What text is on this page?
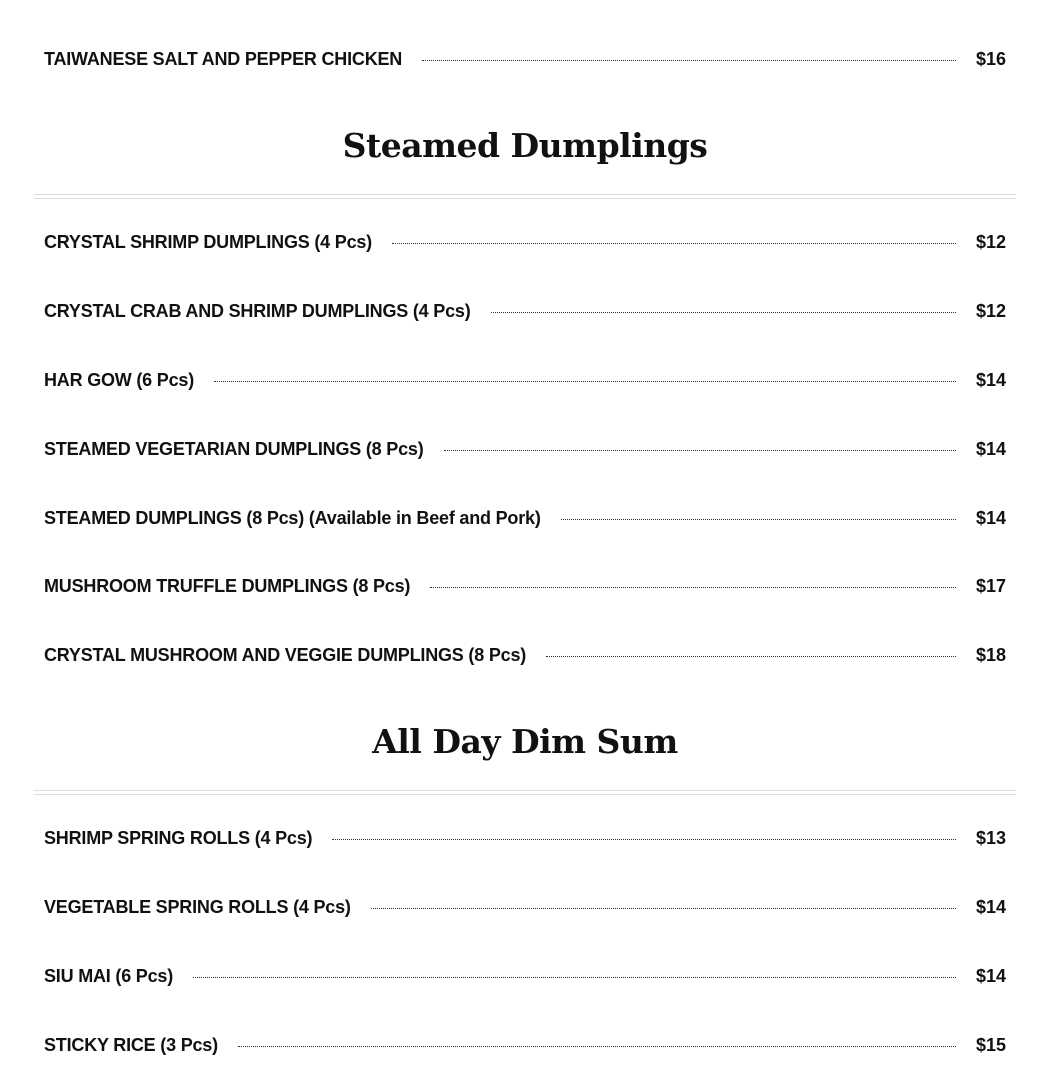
TAIWANESE SALT AND PEPPER CHICKEN	$16
Steamed Dumplings
CRYSTAL SHRIMP DUMPLINGS (4 Pcs)	$12
CRYSTAL CRAB AND SHRIMP DUMPLINGS (4 Pcs)	$12
HAR GOW (6 Pcs)	$14
STEAMED VEGETARIAN DUMPLINGS (8 Pcs)	$14
STEAMED DUMPLINGS (8 Pcs) (Available in Beef and Pork)	$14
MUSHROOM TRUFFLE DUMPLINGS (8 Pcs)	$17
CRYSTAL MUSHROOM AND VEGGIE DUMPLINGS (8 Pcs)	$18
All Day Dim Sum
SHRIMP SPRING ROLLS (4 Pcs)	$13
VEGETABLE SPRING ROLLS (4 Pcs)	$14
SIU MAI (6 Pcs)	$14
STICKY RICE (3 Pcs)	$15
